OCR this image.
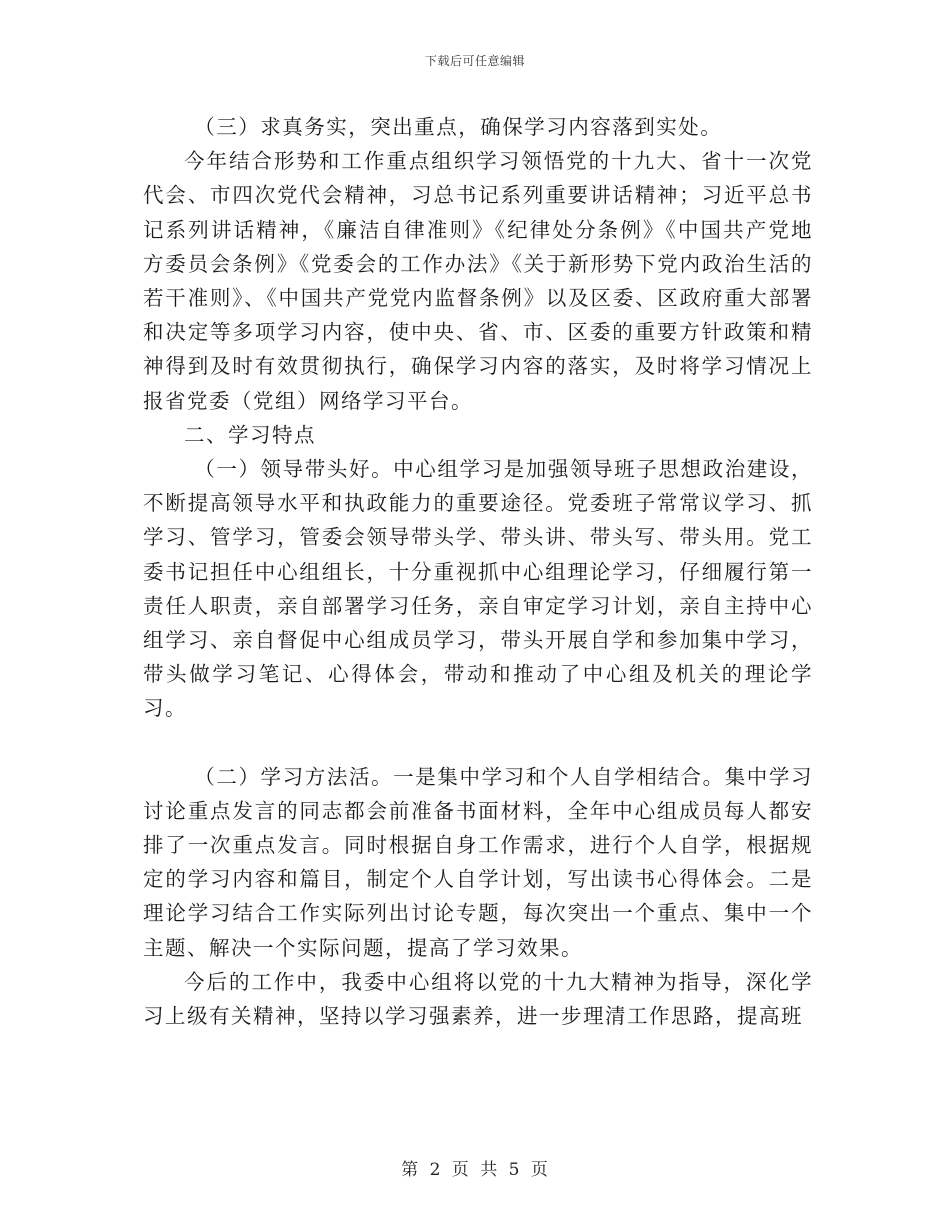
下载后可任意编辑

（三）求真务实，突出重点，确保学习内容落到实处。

今年结合形势和工作重点组织学习领悟党的十九大、省十一次党代会、市四次党代会精神，习总书记系列重要讲话精神；习近平总书记系列讲话精神，《廉洁自律准则》《纪律处分条例》《中国共产党地方委员会条例》《党委会的工作办法》《关于新形势下党内政治生活的若干准则》、《中国共产党党内监督条例》以及区委、区政府重大部署和决定等多项学习内容，使中央、省、市、区委的重要方针政策和精神得到及时有效贯彻执行，确保学习内容的落实，及时将学习情况上报省党委（党组）网络学习平台。

二、学习特点

（一）领导带头好。中心组学习是加强领导班子思想政治建设，不断提高领导水平和执政能力的重要途径。党委班子常常议学习、抓学习、管学习，管委会领导带头学、带头讲、带头写、带头用。党工委书记担任中心组组长，十分重视抓中心组理论学习，仔细履行第一责任人职责，亲自部署学习任务，亲自审定学习计划，亲自主持中心组学习、亲自督促中心组成员学习，带头开展自学和参加集中学习，带头做学习笔记、心得体会，带动和推动了中心组及机关的理论学习。

（二）学习方法活。一是集中学习和个人自学相结合。集中学习讨论重点发言的同志都会前准备书面材料，全年中心组成员每人都安排了一次重点发言。同时根据自身工作需求，进行个人自学，根据规定的学习内容和篇目，制定个人自学计划，写出读书心得体会。二是理论学习结合工作实际列出讨论专题，每次突出一个重点、集中一个主题、解决一个实际问题，提高了学习效果。

今后的工作中，我委中心组将以党的十九大精神为指导，深化学习上级有关精神，坚持以学习强素养，进一步理清工作思路，提高班

第 2 页 共 5 页
